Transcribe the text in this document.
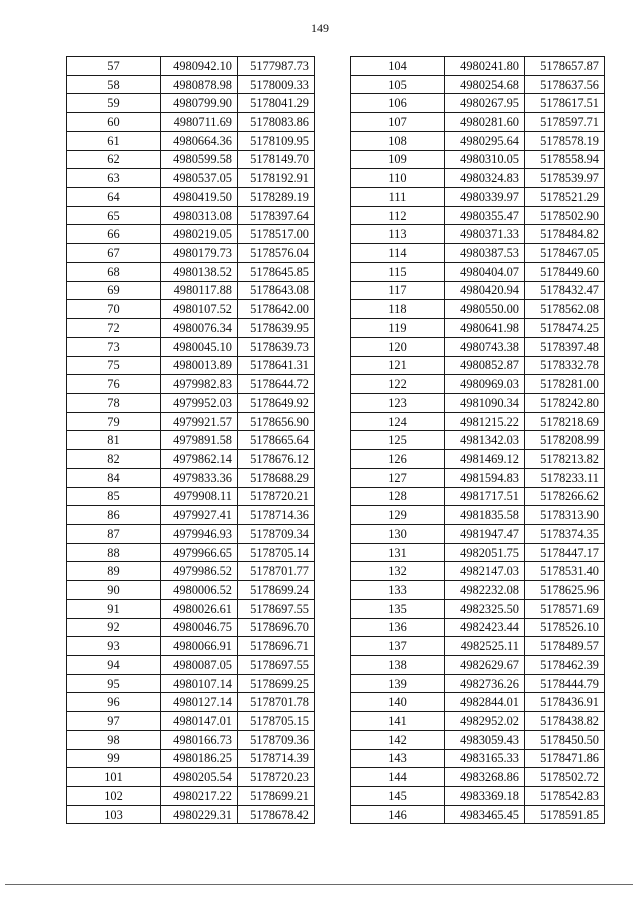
149
57	4980942.10	5177987.73
58	4980878.98	5178009.33
59	4980799.90	5178041.29
60	4980711.69	5178083.86
61	4980664.36	5178109.95
62	4980599.58	5178149.70
63	4980537.05	5178192.91
64	4980419.50	5178289.19
65	4980313.08	5178397.64
66	4980219.05	5178517.00
67	4980179.73	5178576.04
68	4980138.52	5178645.85
69	4980117.88	5178643.08
70	4980107.52	5178642.00
72	4980076.34	5178639.95
73	4980045.10	5178639.73
75	4980013.89	5178641.31
76	4979982.83	5178644.72
78	4979952.03	5178649.92
79	4979921.57	5178656.90
81	4979891.58	5178665.64
82	4979862.14	5178676.12
84	4979833.36	5178688.29
85	4979908.11	5178720.21
86	4979927.41	5178714.36
87	4979946.93	5178709.34
88	4979966.65	5178705.14
89	4979986.52	5178701.77
90	4980006.52	5178699.24
91	4980026.61	5178697.55
92	4980046.75	5178696.70
93	4980066.91	5178696.71
94	4980087.05	5178697.55
95	4980107.14	5178699.25
96	4980127.14	5178701.78
97	4980147.01	5178705.15
98	4980166.73	5178709.36
99	4980186.25	5178714.39
101	4980205.54	5178720.23
102	4980217.22	5178699.21
103	4980229.31	5178678.42
104	4980241.80	5178657.87
105	4980254.68	5178637.56
106	4980267.95	5178617.51
107	4980281.60	5178597.71
108	4980295.64	5178578.19
109	4980310.05	5178558.94
110	4980324.83	5178539.97
111	4980339.97	5178521.29
112	4980355.47	5178502.90
113	4980371.33	5178484.82
114	4980387.53	5178467.05
115	4980404.07	5178449.60
117	4980420.94	5178432.47
118	4980550.00	5178562.08
119	4980641.98	5178474.25
120	4980743.38	5178397.48
121	4980852.87	5178332.78
122	4980969.03	5178281.00
123	4981090.34	5178242.80
124	4981215.22	5178218.69
125	4981342.03	5178208.99
126	4981469.12	5178213.82
127	4981594.83	5178233.11
128	4981717.51	5178266.62
129	4981835.58	5178313.90
130	4981947.47	5178374.35
131	4982051.75	5178447.17
132	4982147.03	5178531.40
133	4982232.08	5178625.96
135	4982325.50	5178571.69
136	4982423.44	5178526.10
137	4982525.11	5178489.57
138	4982629.67	5178462.39
139	4982736.26	5178444.79
140	4982844.01	5178436.91
141	4982952.02	5178438.82
142	4983059.43	5178450.50
143	4983165.33	5178471.86
144	4983268.86	5178502.72
145	4983369.18	5178542.83
146	4983465.45	5178591.85
